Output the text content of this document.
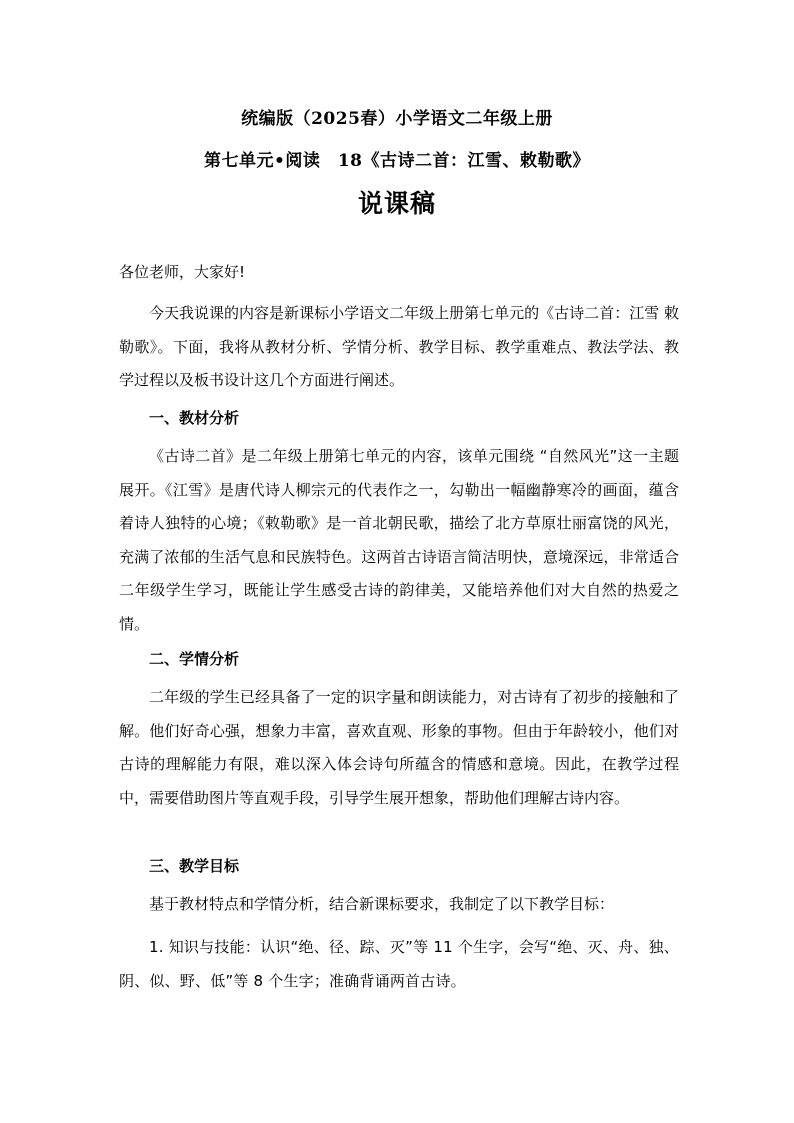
统编版（2025春）小学语文二年级上册
第七单元•阅读　18《古诗二首：江雪、敕勒歌》
说课稿
各位老师，大家好!
今天我说课的内容是新课标小学语文二年级上册第七单元的《古诗二首：江雪 敕勒歌》。下面，我将从教材分析、学情分析、教学目标、教学重难点、教法学法、教学过程以及板书设计这几个方面进行阐述。
一、教材分析
《古诗二首》是二年级上册第七单元的内容，该单元围绕 “自然风光”这一主题展开。《江雪》是唐代诗人柳宗元的代表作之一，勾勒出一幅幽静寒冷的画面，蕴含着诗人独特的心境；《敕勒歌》是一首北朝民歌，描绘了北方草原壮丽富饶的风光，充满了浓郁的生活气息和民族特色。这两首古诗语言简洁明快，意境深远，非常适合二年级学生学习，既能让学生感受古诗的韵律美，又能培养他们对大自然的热爱之情。
二、学情分析
二年级的学生已经具备了一定的识字量和朗读能力，对古诗有了初步的接触和了解。他们好奇心强，想象力丰富，喜欢直观、形象的事物。但由于年龄较小，他们对古诗的理解能力有限，难以深入体会诗句所蕴含的情感和意境。因此，在教学过程中，需要借助图片等直观手段，引导学生展开想象，帮助他们理解古诗内容。
三、教学目标
基于教材特点和学情分析，结合新课标要求，我制定了以下教学目标：
1. 知识与技能：认识“绝、径、踪、灭”等 11 个生字，会写“绝、灭、舟、独、阴、似、野、低”等 8 个生字；准确背诵两首古诗。
